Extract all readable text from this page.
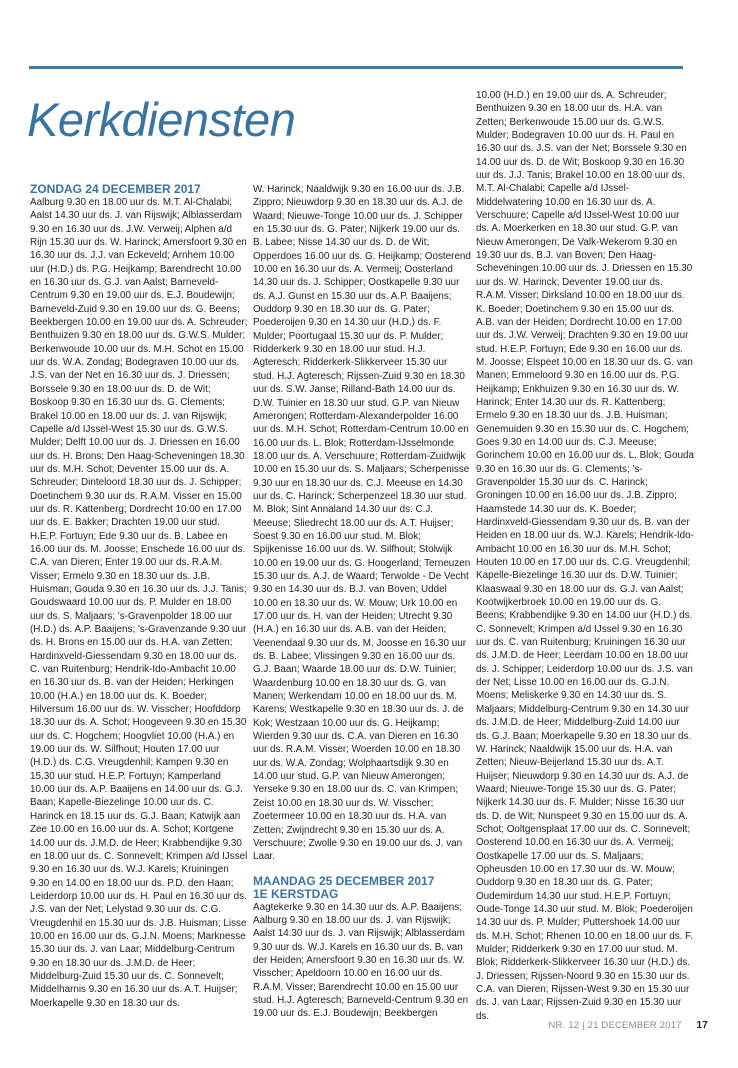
Kerkdiensten
ZONDAG 24 DECEMBER 2017

Aalburg 9.30 en 18.00 uur ds. M.T. Al-Chalabi; Aalst 14.30 uur ds. J. van Rijswijk; Alblasserdam 9.30 en 16.30 uur ds. J.W. Verweij; Alphen a/d Rijn 15.30 uur ds. W. Harinck; Amersfoort 9.30 en 16.30 uur ds. J.J. van Eckeveld; Arnhem 10.00 uur (H.D.) ds. P.G. Heijkamp; Barendrecht 10.00 en 16.30 uur ds. G.J. van Aalst; Barneveld-Centrum 9.30 en 19.00 uur ds. E.J. Boudewijn; Barneveld-Zuid 9.30 en 19.00 uur ds. G. Beens; Beekbergen 10.00 en 19.00 uur ds. A. Schreuder; Benthuizen 9.30 en 18.00 uur ds. G.W.S. Mulder; Berkenwoude 10.00 uur ds. M.H. Schot en 15.00 uur ds. W.A. Zondag; Bodegraven 10.00 uur ds. J.S. van der Net en 16.30 uur ds. J. Driessen; Borssele 9.30 en 18.00 uur ds. D. de Wit; Boskoop 9.30 en 16.30 uur ds. G. Clements; Brakel 10.00 en 18.00 uur ds. J. van Rijswijk; Capelle a/d IJssel-West 15.30 uur ds. G.W.S. Mulder; Delft 10.00 uur ds. J. Driessen en 16.00 uur ds. H. Brons; Den Haag-Scheveningen 18.30 uur ds. M.H. Schot; Deventer 15.00 uur ds. A. Schreuder; Dinteloord 18.30 uur ds. J. Schipper; Doetinchem 9.30 uur ds. R.A.M. Visser en 15.00 uur ds. R. Kattenberg; Dordrecht 10.00 en 17.00 uur ds. E. Bakker; Drachten 19.00 uur stud. H.E.P. Fortuyn; Ede 9.30 uur ds. B. Labee en 16.00 uur ds. M. Joosse; Enschede 16.00 uur ds. C.A. van Dieren; Enter 19.00 uur ds. R.A.M. Visser; Ermelo 9.30 en 18.30 uur ds. J.B. Huisman; Gouda 9.30 en 16.30 uur ds. J.J. Tanis; Goudswaard 10.00 uur ds. P. Mulder en 18.00 uur ds. S. Maljaars; 's-Gravenpolder 18.00 uur (H.D.) ds. A.P. Baaijens; 's-Gravenzande 9.30 uur ds. H. Brons en 15.00 uur ds. H.A. van Zetten; Hardinxveld-Giessendam 9.30 en 18.00 uur ds. C. van Ruitenburg; Hendrik-Ido-Ambacht 10.00 en 16.30 uur ds. B. van der Heiden; Herkingen 10.00 (H.A.) en 18.00 uur ds. K. Boeder; Hilversum 16.00 uur ds. W. Visscher; Hoofddorp 18.30 uur ds. A. Schot; Hoogeveen 9.30 en 15.30 uur ds. C. Hogchem; Hoogvliet 10.00 (H.A.) en 19.00 uur ds. W. Silfhout; Houten 17.00 uur (H.D.) ds. C.G. Vreugdenhil; Kampen 9.30 en 15.30 uur stud. H.E.P. Fortuyn; Kamperland 10.00 uur ds. A.P. Baaijens en 14.00 uur ds. G.J. Baan; Kapelle-Biezelinge 10.00 uur ds. C. Harinck en 18.15 uur ds. G.J. Baan; Katwijk aan Zee 10.00 en 16.00 uur ds. A. Schot; Kortgene 14.00 uur ds. J.M.D. de Heer; Krabbendijke 9.30 en 18.00 uur ds. C. Sonnevelt; Krimpen a/d IJssel 9.30 en 16.30 uur ds. W.J. Karels; Kruiningen 9.30 en 14.00 en 18.00 uur ds. P.D. den Haan; Leiderdorp 10.00 uur ds. H. Paul en 16.30 uur ds. J.S. van der Net; Lelystad 9.30 uur ds. C.G. Vreugdenhil en 15.30 uur ds. J.B. Huisman; Lisse 10.00 en 16.00 uur ds. G.J.N. Moens; Marknesse 15.30 uur ds. J. van Laar; Middelburg-Centrum 9.30 en 18.30 uur ds. J.M.D. de Heer; Middelburg-Zuid 15.30 uur ds. C. Sonnevelt; Middelharnis 9.30 en 16.30 uur ds. A.T. Huijser; Moerkapelle 9.30 en 18.30 uur ds.

W. Harinck; Naaldwijk 9.30 en 16.00 uur ds. J.B. Zippro; Nieuwdorp 9.30 en 18.30 uur ds. A.J. de Waard; Nieuwe-Tonge 10.00 uur ds. J. Schipper en 15.30 uur ds. G. Pater; Nijkerk 19.00 uur ds. B. Labee; Nisse 14.30 uur ds. D. de Wit; Opperdoes 16.00 uur ds. G. Heijkamp; Oosterend 10.00 en 16.30 uur ds. A. Vermeij; Oosterland 14.30 uur ds. J. Schipper; Oostkapelle 9.30 uur ds. A.J. Gunst en 15.30 uur ds. A.P. Baaijens; Ouddorp 9.30 en 18.30 uur ds. G. Pater; Poederoijen 9.30 en 14.30 uur (H.D.) ds. F. Mulder; Poortugaal 15.30 uur ds. P. Mulder; Ridderkerk 9.30 en 18.00 uur stud. H.J. Agteresch; Ridderkerk-Slikkerveer 15.30 uur stud. H.J. Agteresch; Rijssen-Zuid 9.30 en 18.30 uur ds. S.W. Janse; Rilland-Bath 14.00 uur ds. D.W. Tuinier en 18.30 uur stud. G.P. van Nieuw Amerongen; Rotterdam-Alexanderpolder 16.00 uur ds. M.H. Schot; Rotterdam-Centrum 10.00 en 16.00 uur ds. L. Blok; Rotterdam-IJsselmonde 18.00 uur ds. A. Verschuure; Rotterdam-Zuidwijk 10.00 en 15.30 uur ds. S. Maljaars; Scherpenisse 9.30 uur en 18.30 uur ds. C.J. Meeuse en 14.30 uur ds. C. Harinck; Scherpenzeel 18.30 uur stud. M. Blok; Sint Annaland 14.30 uur ds. C.J. Meeuse; Sliedrecht 18.00 uur ds. A.T. Huijser; Soest 9.30 en 16.00 uur stud. M. Blok; Spijkenisse 16.00 uur ds. W. Silfhout; Stolwijk 10.00 en 19.00 uur ds. G. Hoogerland; Terneuzen 15.30 uur ds. A.J. de Waard; Terwolde - De Vecht 9.30 en 14.30 uur ds. B.J. van Boven; Uddel 10.00 en 18.30 uur ds. W. Mouw; Urk 10.00 en 17.00 uur ds. H. van der Heiden; Utrecht 9.30 (H.A.) en 16.30 uur ds. A.B. van der Heiden; Veenendaal 9.30 uur ds. M. Joosse en 16.30 uur ds. B. Labee; Vlissingen 9.30 en 16.00 uur ds. G.J. Baan; Waarde 18.00 uur ds. D.W. Tuinier; Waardenburg 10.00 en 18.30 uur ds. G. van Manen; Werkendam 10.00 en 18.00 uur ds. M. Karens; Westkapelle 9.30 en 18.30 uur ds. J. de Kok; Westzaan 10.00 uur ds. G. Heijkamp; Wierden 9.30 uur ds. C.A. van Dieren en 16.30 uur ds. R.A.M. Visser; Woerden 10.00 en 18.30 uur ds. W.A. Zondag; Wolphaartsdijk 9.30 en 14.00 uur stud. G.P. van Nieuw Amerongen; Yerseke 9.30 en 18.00 uur ds. C. van Krimpen; Zeist 10.00 en 18.30 uur ds. W. Visscher; Zoetermeer 10.00 en 18.30 uur ds. H.A. van Zetten; Zwijndrecht 9.30 en 15.30 uur ds. A. Verschuure; Zwolle 9.30 en 19.00 uur ds. J. van Laar.

MAANDAG 25 DECEMBER 2017
1E KERSTDAG

Aagtekerke 9.30 en 14.30 uur ds. A.P. Baaijens; Aalburg 9.30 en 18.00 uur ds. J. van Rijswijk; Aalst 14.30 uur ds. J. van Rijswijk; Alblasserdam 9.30 uur ds. W.J. Karels en 16.30 uur ds. B. van der Heiden; Amersfoort 9.30 en 16.30 uur ds. W. Visscher; Apeldoorn 10.00 en 16.00 uur ds. R.A.M. Visser; Barendrecht 10.00 en 15.00 uur stud. H.J. Agteresch; Barneveld-Centrum 9.30 en 19.00 uur ds. E.J. Boudewijn; Beekbergen

10.00 (H.D.) en 19.00 uur ds. A. Schreuder; Benthuizen 9.30 en 18.00 uur ds. H.A. van Zetten; Berkenwoude 15.00 uur ds. G.W.S. Mulder; Bodegraven 10.00 uur ds. H. Paul en 16.30 uur ds. J.S. van der Net; Borssele 9.30 en 14.00 uur ds. D. de Wit; Boskoop 9.30 en 16.30 uur ds. J.J. Tanis; Brakel 10.00 en 18.00 uur ds. M.T. Al-Chalabi; Capelle a/d IJssel-Middelwatering 10.00 en 16.30 uur ds. A. Verschuure; Capelle a/d IJssel-West 10.00 uur ds. A. Moerkerken en 18.30 uur stud. G.P. van Nieuw Amerongen; De Valk-Wekerom 9.30 en 19.30 uur ds. B.J. van Boven; Den Haag-Scheveningen 10.00 uur ds. J. Driessen en 15.30 uur ds. W. Harinck; Deventer 19.00 uur ds. R.A.M. Visser; Dirksland 10.00 en 18.00 uur ds. K. Boeder; Doetinchem 9.30 en 15.00 uur ds. A.B. van der Heiden; Dordrecht 10.00 en 17.00 uur ds. J.W. Verweij; Drachten 9.30 en 19.00 uur stud. H.E.P. Fortuyn; Ede 9.30 en 16.00 uur ds. M. Joosse; Elspeet 10.00 en 18.30 uur ds. G. van Manen; Emmeloord 9.30 en 16.00 uur ds. P.G. Heijkamp; Enkhuizen 9.30 en 16.30 uur ds. W. Harinck; Enter 14.30 uur ds. R. Kattenberg; Ermelo 9.30 en 18.30 uur ds. J.B. Huisman; Genemuiden 9.30 en 15.30 uur ds. C. Hogchem; Goes 9.30 en 14.00 uur ds. C.J. Meeuse; Gorinchem 10.00 en 16.00 uur ds. L. Blok; Gouda 9.30 en 16.30 uur ds. G. Clements; 's-Gravenpolder 15.30 uur ds. C. Harinck; Groningen 10.00 en 16.00 uur ds. J.B. Zippro; Haamstede 14.30 uur ds. K. Boeder; Hardinxveld-Giessendam 9.30 uur ds. B. van der Heiden en 18.00 uur ds. W.J. Karels; Hendrik-Ido-Ambacht 10.00 en 16.30 uur ds. M.H. Schot; Houten 10.00 en 17.00 uur ds. C.G. Vreugdenhil; Kapelle-Biezelinge 16.30 uur ds. D.W. Tuinier; Klaaswaal 9.30 en 18.00 uur ds. G.J. van Aalst; Kootwijkerbroek 10.00 en 19.00 uur ds. G. Beens; Krabbendijke 9.30 en 14.00 uur (H.D.) ds. C. Sonnevelt; Krimpen a/d IJssel 9.30 en 16.30 uur ds. C. van Ruitenburg; Kruiningen 16.30 uur ds. J.M.D. de Heer; Leerdam 10.00 en 18.00 uur ds. J. Schipper; Leiderdorp 10.00 uur ds. J.S. van der Net; Lisse 10.00 en 16.00 uur ds. G.J.N. Moens; Meliskerke 9.30 en 14.30 uur ds. S. Maljaars; Middelburg-Centrum 9.30 en 14.30 uur ds. J.M.D. de Heer; Middelburg-Zuid 14.00 uur ds. G.J. Baan; Moerkapelle 9.30 en 18.30 uur ds. W. Harinck; Naaldwijk 15.00 uur ds. H.A. van Zetten; Nieuw-Beijerland 15.30 uur ds. A.T. Huijser; Nieuwdorp 9.30 en 14.30 uur ds. A.J. de Waard; Nieuwe-Tonge 15.30 uur ds. G. Pater; Nijkerk 14.30 uur ds. F. Mulder; Nisse 16.30 uur ds. D. de Wit; Nunspeet 9.30 en 15.00 uur ds. A. Schot; Ooltgensplaat 17.00 uur ds. C. Sonnevelt; Oosterend 10.00 en 16.30 uur ds. A. Vermeij; Oostkapelle 17.00 uur ds. S. Maljaars; Opheusden 10.00 en 17.30 uur ds. W. Mouw; Ouddorp 9.30 en 18.30 uur ds. G. Pater; Oudemirdum 14.30 uur stud. H.E.P. Fortuyn; Oude-Tonge 14.30 uur stud. M. Blok; Poederoijen 14.30 uur ds. P. Mulder; Puttershoek 14.00 uur ds. M.H. Schot; Rhenen 10.00 en 18.00 uur ds. F. Mulder; Ridderkerk 9.30 en 17.00 uur stud. M. Blok; Ridderkerk-Slikkerveer 16.30 uur (H.D.) ds. J. Driessen; Rijssen-Noord 9.30 en 15.30 uur ds. C.A. van Dieren; Rijssen-West 9.30 en 15.30 uur ds. J. van Laar; Rijssen-Zuid 9.30 en 15.30 uur ds.

NR. 12 | 21 DECEMBER 2017 17
